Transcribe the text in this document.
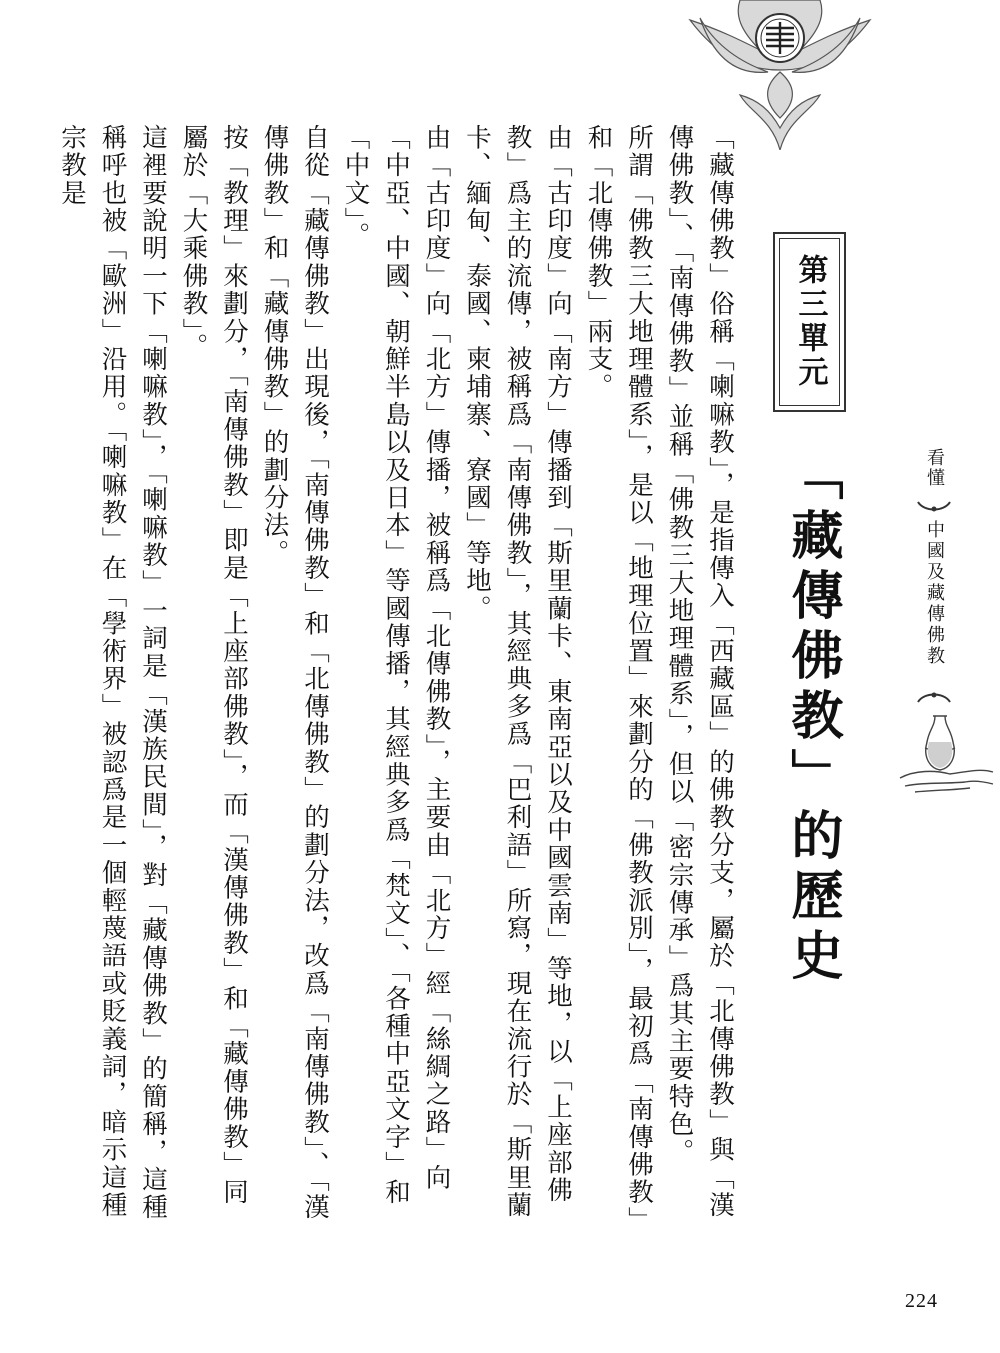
第三單元
「藏傳佛教」的歷史	看懂
中國及藏傳佛教

「藏傳佛教」俗稱「喇嘛教」，是指傳入「西藏區」的佛教分支，屬於「北傳佛教」與「漢傳佛教」、「南傳佛教」並稱「佛教三大地理體系」，但以「密宗傳承」爲其主要特色。

所謂「佛教三大地理體系」，是以「地理位置」來劃分的「佛教派別」，最初爲「南傳佛教」和「北傳佛教」兩支。

由「古印度」向「南方」傳播到「斯里蘭卡、東南亞以及中國雲南」等地，以「上座部佛教」爲主的流傳，被稱爲「南傳佛教」，其經典多爲「巴利語」所寫，現在流行於「斯里蘭卡、緬甸、泰國、柬埔寨、寮國」等地。

由「古印度」向「北方」傳播，被稱爲「北傳佛教」，主要由「北方」經「絲綢之路」向「中亞、中國、朝鮮半島以及日本」等國傳播，其經典多爲「梵文」、「各種中亞文字」和「中文」。

自從「藏傳佛教」出現後，「南傳佛教」和「北傳佛教」的劃分法，改爲「南傳佛教」、「漢傳佛教」和「藏傳佛教」的劃分法。

按「教理」來劃分，「南傳佛教」即是「上座部佛教」，而「漢傳佛教」和「藏傳佛教」同屬於「大乘佛教」。

這裡要說明一下「喇嘛教」，「喇嘛教」一詞是「漢族民間」，對「藏傳佛教」的簡稱，這種稱呼也被「歐洲」沿用。「喇嘛教」在「學術界」被認爲是一個輕蔑語或貶義詞，暗示這種宗教是

224
